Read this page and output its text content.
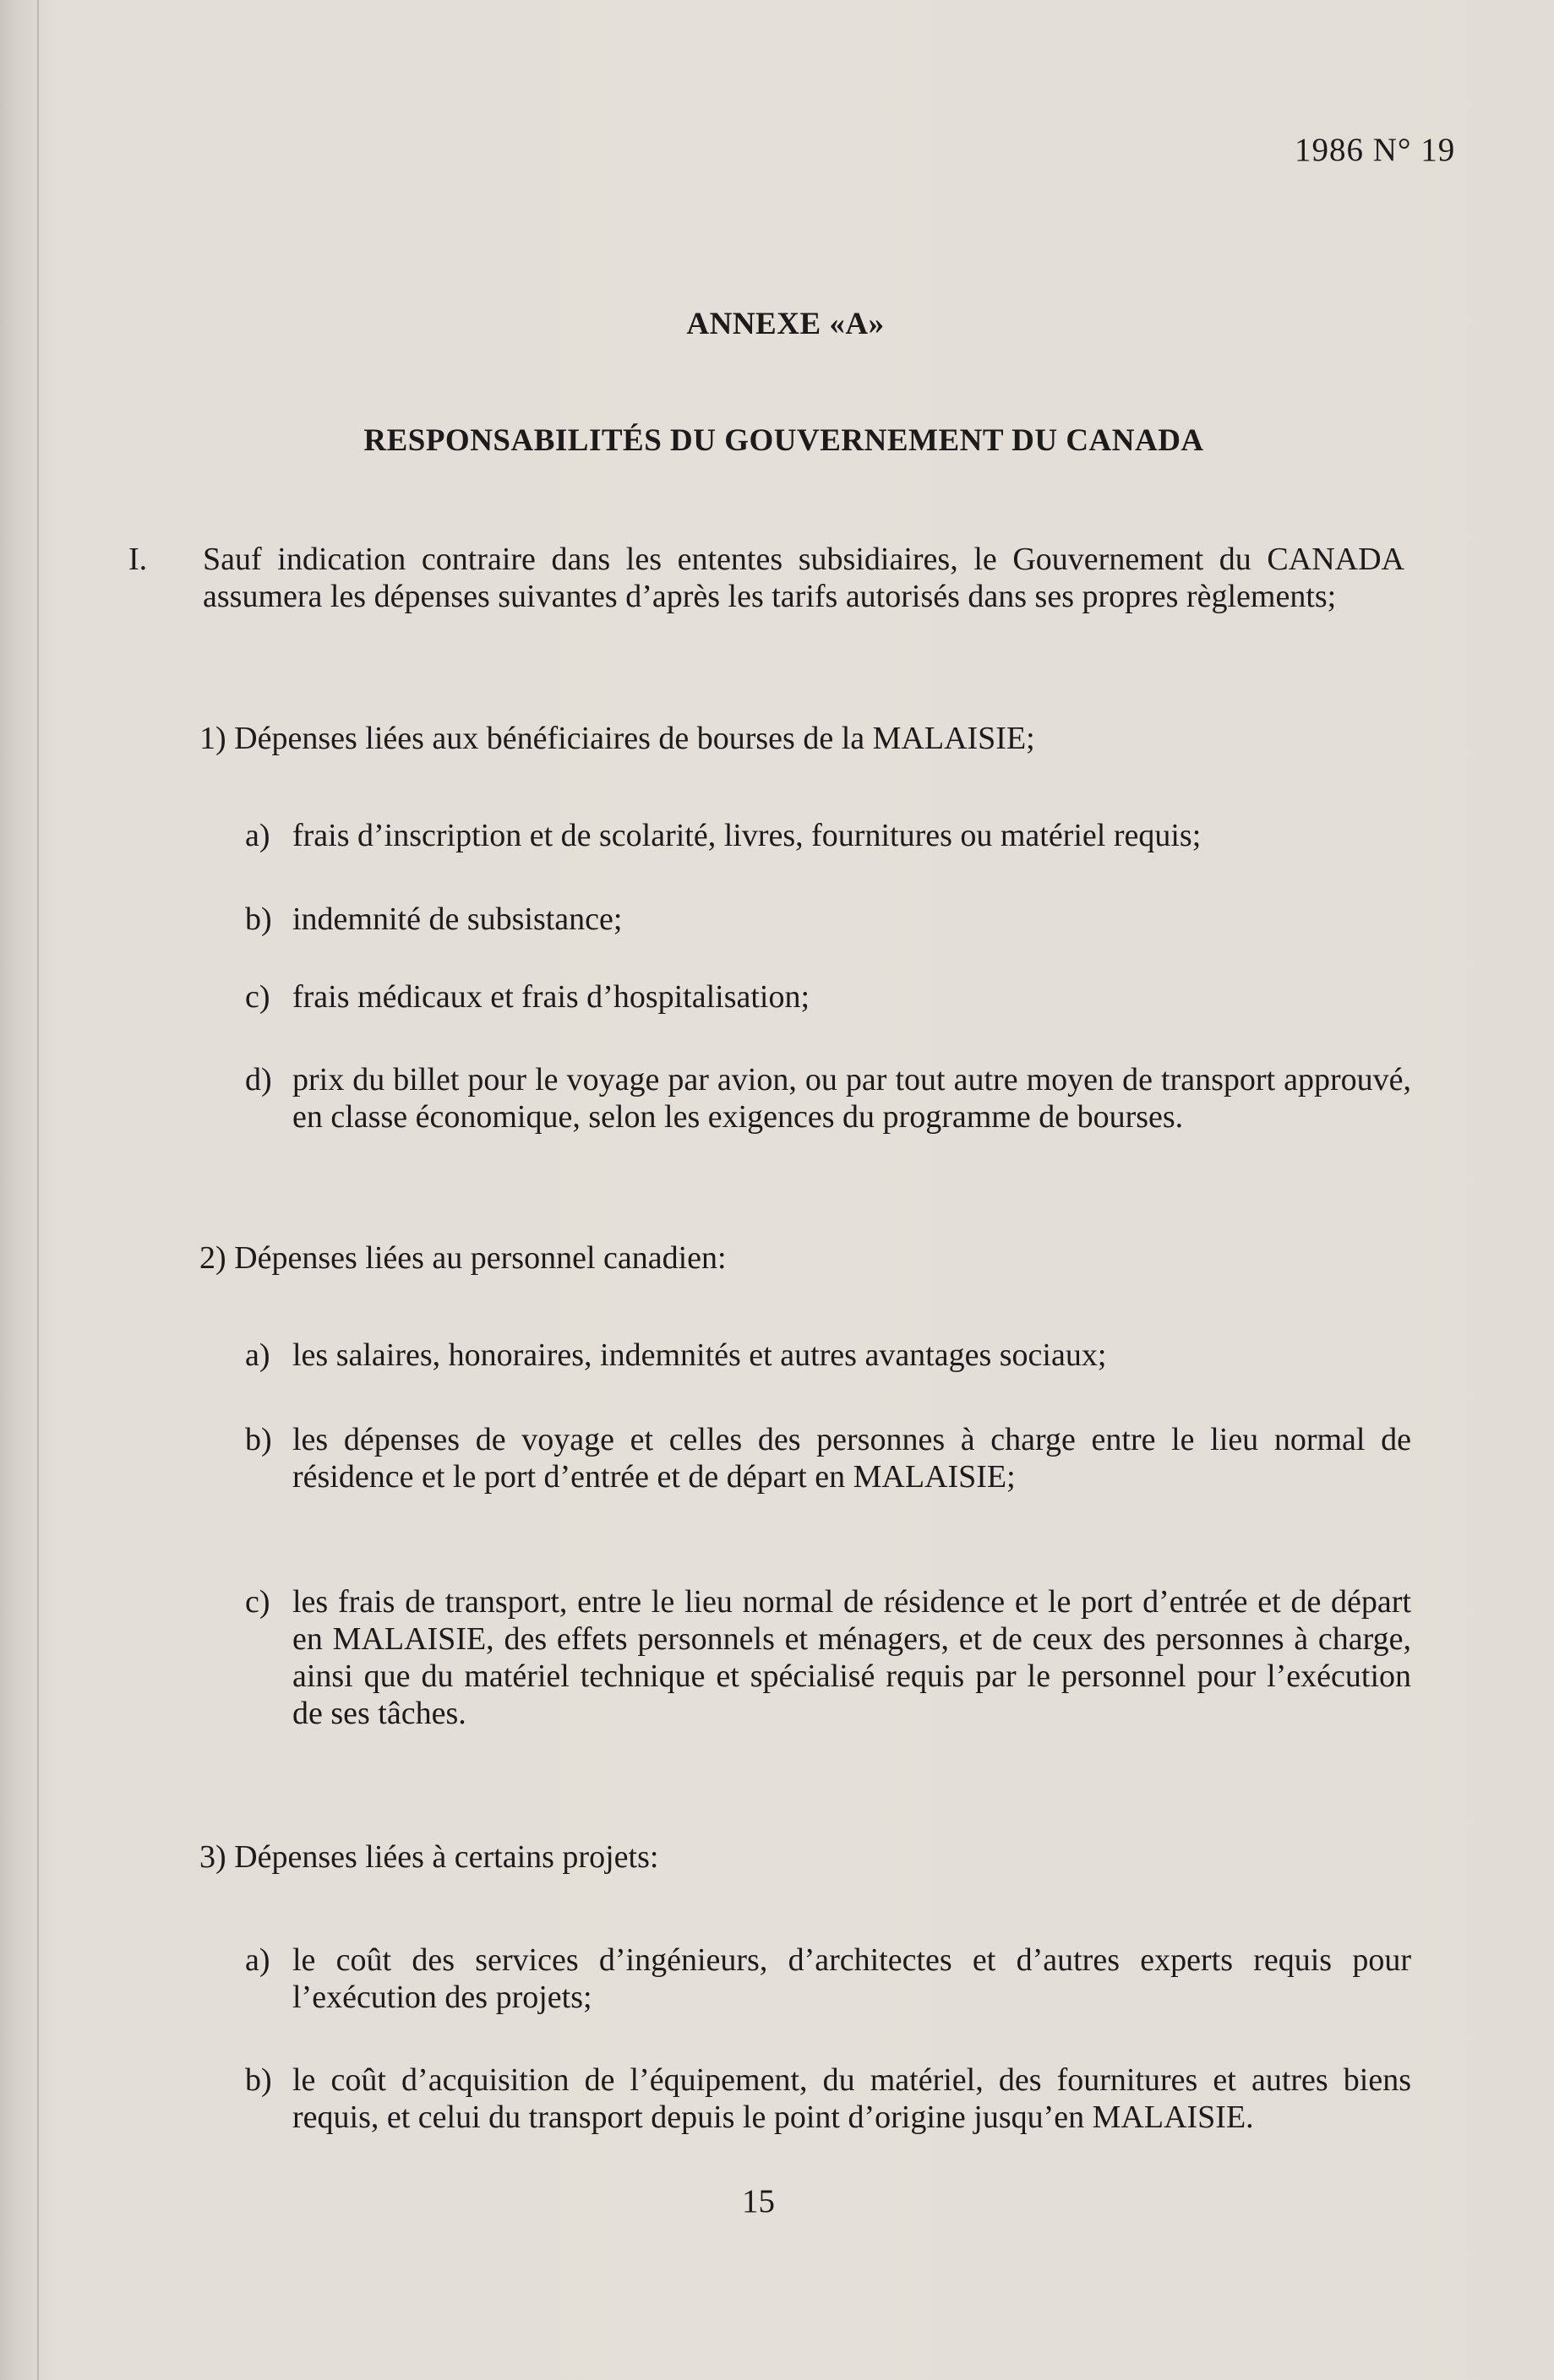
1986 N° 19
ANNEXE «A»
RESPONSABILITÉS DU GOUVERNEMENT DU CANADA
I. Sauf indication contraire dans les ententes subsidiaires, le Gouvernement du CANADA assumera les dépenses suivantes d’après les tarifs autorisés dans ses propres règlements;
1) Dépenses liées aux bénéficiaires de bourses de la MALAISIE;
a) frais d’inscription et de scolarité, livres, fournitures ou matériel requis;
b) indemnité de subsistance;
c) frais médicaux et frais d’hospitalisation;
d) prix du billet pour le voyage par avion, ou par tout autre moyen de transport approuvé, en classe économique, selon les exigences du programme de bourses.
2) Dépenses liées au personnel canadien:
a) les salaires, honoraires, indemnités et autres avantages sociaux;
b) les dépenses de voyage et celles des personnes à charge entre le lieu normal de résidence et le port d’entrée et de départ en MALAISIE;
c) les frais de transport, entre le lieu normal de résidence et le port d’entrée et de départ en MALAISIE, des effets personnels et ménagers, et de ceux des personnes à charge, ainsi que du matériel technique et spécialisé requis par le personnel pour l’exécution de ses tâches.
3) Dépenses liées à certains projets:
a) le coût des services d’ingénieurs, d’architectes et d’autres experts requis pour l’exécution des projets;
b) le coût d’acquisition de l’équipement, du matériel, des fournitures et autres biens requis, et celui du transport depuis le point d’origine jusqu’en MALAISIE.
15
